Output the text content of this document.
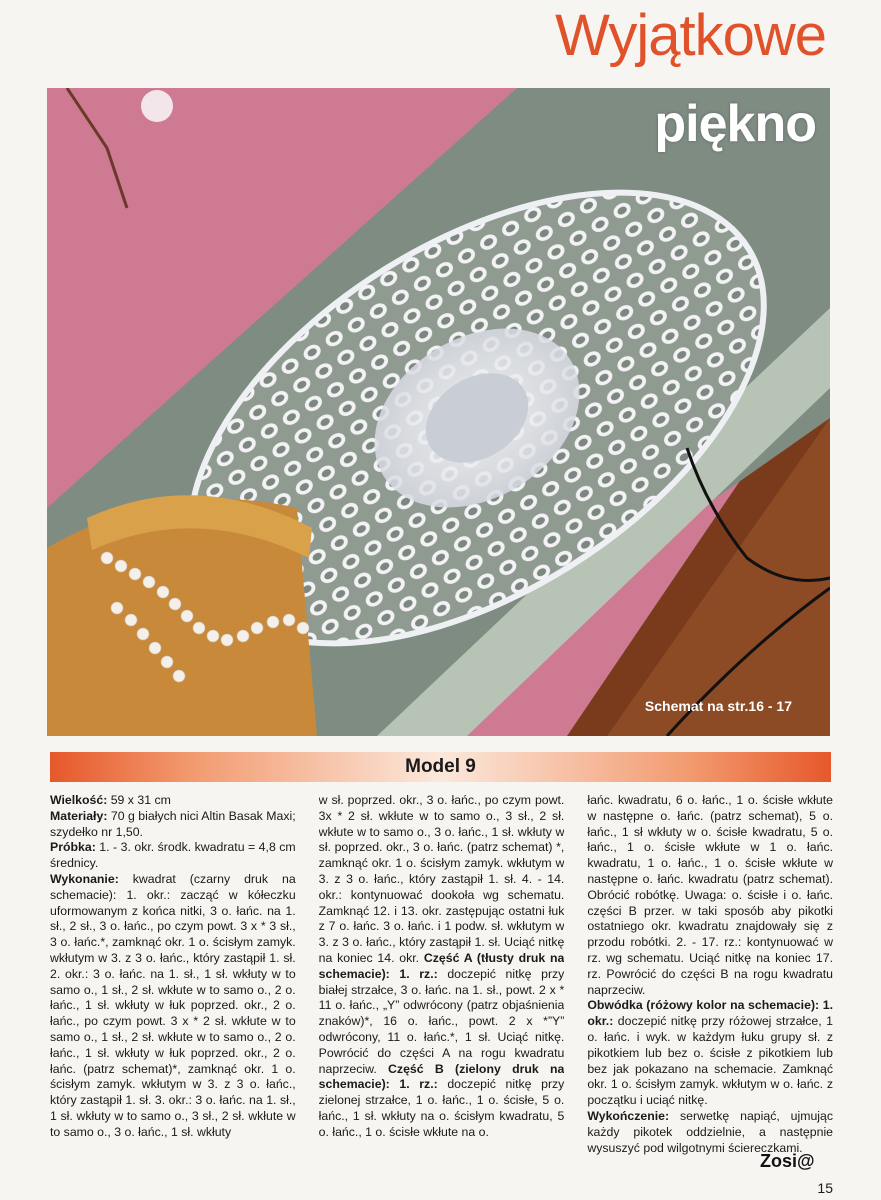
Wyjątkowe
piękno
Schemat na str.16 - 17
Model 9

Wielkość: 59 x 31 cm

Materiały: 70 g białych nici Altin Basak Maxi; szydełko nr 1,50.

Próbka: 1. - 3. okr. środk. kwadratu = 4,8 cm średnicy.

Wykonanie: kwadrat (czarny druk na schemacie): 1. okr.: zacząć w kółeczku uformowanym z końca nitki, 3 o. łańc. na 1. sł., 2 sł., 3 o. łańc., po czym powt. 3 x * 3 sł., 3 o. łańc.*, zamknąć okr. 1 o. ścisłym zamyk. wkłutym w 3. z 3 o. łańc., który zastąpił 1. sł. 2. okr.: 3 o. łańc. na 1. sł., 1 sł. wkłuty w to samo o., 1 sł., 2 sł. wkłute w to samo o., 2 o. łańc., 1 sł. wkłuty w łuk poprzed. okr., 2 o. łańc., po czym powt. 3 x * 2 sł. wkłute w to samo o., 1 sł., 2 sł. wkłute w to samo o., 2 o. łańc., 1 sł. wkłuty w łuk poprzed. okr., 2 o. łańc. (patrz schemat)*, zamknąć okr. 1 o. ścisłym zamyk. wkłutym w 3. z 3 o. łańc., który zastąpił 1. sł. 3. okr.: 3 o. łańc. na 1. sł., 1 sł. wkłuty w to samo o., 3 sł., 2 sł. wkłute w to samo o., 3 o. łańc., 1 sł. wkłuty

w sł. poprzed. okr., 3 o. łańc., po czym powt. 3x * 2 sł. wkłute w to samo o., 3 sł., 2 sł. wkłute w to samo o., 3 o. łańc., 1 sł. wkłuty w sł. poprzed. okr., 3 o. łańc. (patrz schemat) *, zamknąć okr. 1 o. ścisłym zamyk. wkłutym w 3. z 3 o. łańc., który zastąpił 1. sł. 4. - 14. okr.: kontynuować dookoła wg schematu. Zamknąć 12. i 13. okr. zastępując ostatni łuk z 7 o. łańc. 3 o. łańc. i 1 podw. sł. wkłutym w 3. z 3 o. łańc., który zastąpił 1. sł. Uciąć nitkę na koniec 14. okr. Część A (tłusty druk na schemacie): 1. rz.: doczepić nitkę przy białej strzałce, 3 o. łańc. na 1. sł., powt. 2 x * 11 o. łańc., „Y” odwrócony (patrz objaśnienia znaków)*, 16 o. łańc., powt. 2 x *”Y” odwrócony, 11 o. łańc.*, 1 sł. Uciąć nitkę. Powrócić do części A na rogu kwadratu naprzeciw. Część B (zielony druk na schemacie): 1. rz.: doczepić nitkę przy zielonej strzałce, 1 o. łańc., 1 o. ścisłe, 5 o. łańc., 1 sł. wkłuty na o. ścisłym kwadratu, 5 o. łańc., 1 o. ścisłe wkłute na o.

łańc. kwadratu, 6 o. łańc., 1 o. ścisłe wkłute w następne o. łańc. (patrz schemat), 5 o. łańc., 1 sł wkłuty w o. ścisłe kwadratu, 5 o. łańc., 1 o. ścisłe wkłute w 1 o. łańc. kwadratu, 1 o. łańc., 1 o. ścisłe wkłute w następne o. łańc. kwadratu (patrz schemat). Obrócić robótkę. Uwaga: o. ścisłe i o. łańc. części B przer. w taki sposób aby pikotki ostatniego okr. kwadratu znajdowały się z przodu robótki. 2. - 17. rz.: kontynuować w rz. wg schematu. Uciąć nitkę na koniec 17. rz. Powrócić do części B na rogu kwadratu naprzeciw.

Obwódka (różowy kolor na schemacie): 1. okr.: doczepić nitkę przy różowej strzałce, 1 o. łańc. i wyk. w każdym łuku grupy sł. z pikotkiem lub bez o. ścisłe z pikotkiem lub bez jak pokazano na schemacie. Zamknąć okr. 1 o. ścisłym zamyk. wkłutym w o. łańc. z początku i uciąć nitkę.

Wykończenie: serwetkę napiąć, ujmując każdy pikotek oddzielnie, a następnie wysuszyć pod wilgotnymi ściereczkami.

Zosi@
15
